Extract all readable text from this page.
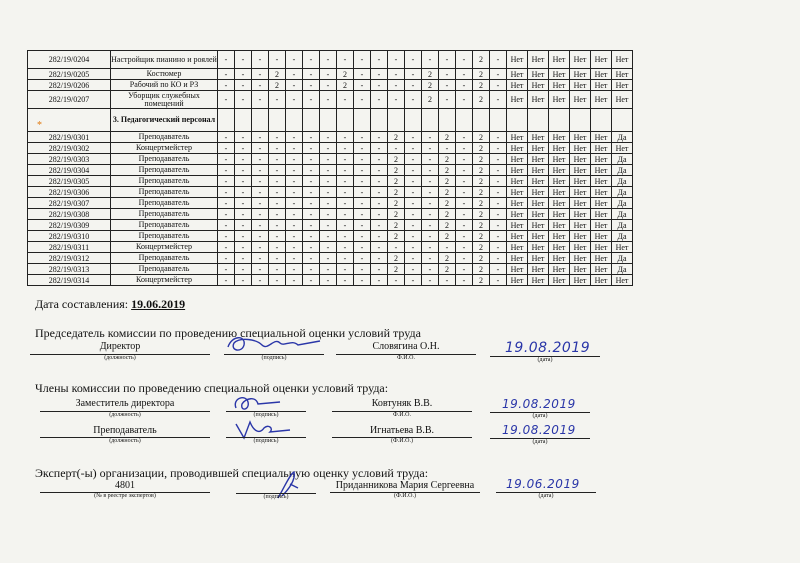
282/19/0204	Настройщик пианино и роялей	-	-	-	-	-	-	-	-	-	-	-	-	-	-	-	2	-	Нет	Нет	Нет	Нет	Нет	Нет
282/19/0205	Костюмер	-	-	-	2	-	-	-	2	-	-	-	-	2	-	-	2	-	Нет	Нет	Нет	Нет	Нет	Нет
282/19/0206	Рабочий по КО и РЗ	-	-	-	2	-	-	-	2	-	-	-	-	2	-	-	2	-	Нет	Нет	Нет	Нет	Нет	Нет
282/19/0207	Уборщик служебных помещений	-	-	-	-	-	-	-	-	-	-	-	-	2	-	-	2	-	Нет	Нет	Нет	Нет	Нет	Нет
	3. Педагогический персонал																							
282/19/0301	Преподаватель	-	-	-	-	-	-	-	-	-	-	2	-	-	2	-	2	-	Нет	Нет	Нет	Нет	Нет	Да
282/19/0302	Концертмейстер	-	-	-	-	-	-	-	-	-	-	-	-	-	-	-	2	-	Нет	Нет	Нет	Нет	Нет	Нет
282/19/0303	Преподаватель	-	-	-	-	-	-	-	-	-	-	2	-	-	2	-	2	-	Нет	Нет	Нет	Нет	Нет	Да
282/19/0304	Преподаватель	-	-	-	-	-	-	-	-	-	-	2	-	-	2	-	2	-	Нет	Нет	Нет	Нет	Нет	Да
282/19/0305	Преподаватель	-	-	-	-	-	-	-	-	-	-	2	-	-	2	-	2	-	Нет	Нет	Нет	Нет	Нет	Да
282/19/0306	Преподаватель	-	-	-	-	-	-	-	-	-	-	2	-	-	2	-	2	-	Нет	Нет	Нет	Нет	Нет	Да
282/19/0307	Преподаватель	-	-	-	-	-	-	-	-	-	-	2	-	-	2	-	2	-	Нет	Нет	Нет	Нет	Нет	Да
282/19/0308	Преподаватель	-	-	-	-	-	-	-	-	-	-	2	-	-	2	-	2	-	Нет	Нет	Нет	Нет	Нет	Да
282/19/0309	Преподаватель	-	-	-	-	-	-	-	-	-	-	2	-	-	2	-	2	-	Нет	Нет	Нет	Нет	Нет	Да
282/19/0310	Преподаватель	-	-	-	-	-	-	-	-	-	-	2	-	-	2	-	2	-	Нет	Нет	Нет	Нет	Нет	Да
282/19/0311	Концертмейстер	-	-	-	-	-	-	-	-	-	-	-	-	-	-	-	2	-	Нет	Нет	Нет	Нет	Нет	Нет
282/19/0312	Преподаватель	-	-	-	-	-	-	-	-	-	-	2	-	-	2	-	2	-	Нет	Нет	Нет	Нет	Нет	Да
282/19/0313	Преподаватель	-	-	-	-	-	-	-	-	-	-	2	-	-	2	-	2	-	Нет	Нет	Нет	Нет	Нет	Да
282/19/0314	Концертмейстер	-	-	-	-	-	-	-	-	-	-	-	-	-	-	-	2	-	Нет	Нет	Нет	Нет	Нет	Нет
Дата составления: 19.06.2019
Председатель комиссии по проведению специальной оценки условий труда
Директор
(должность)	(подпись)
Словягина О.Н.
Ф.И.О.
19.08.2019
(дата)
Члены комиссии по проведению специальной оценки условий труда:
Заместитель директора
(должность)	(подпись)
Ковтуняк В.В.
Ф.И.О.
19.08.2019
(дата)
Преподаватель
(должность)	(подпись)
Игнатьева В.В.
(Ф.И.О.)
19.08.2019
(дата)
Эксперт(-ы) организации, проводившей специальную оценку условий труда:
4801
(№ в реестре экспертов)	(подпись)
Приданникова Мария Сергеевна
(Ф.И.О.)
19.06.2019
(дата)
*
